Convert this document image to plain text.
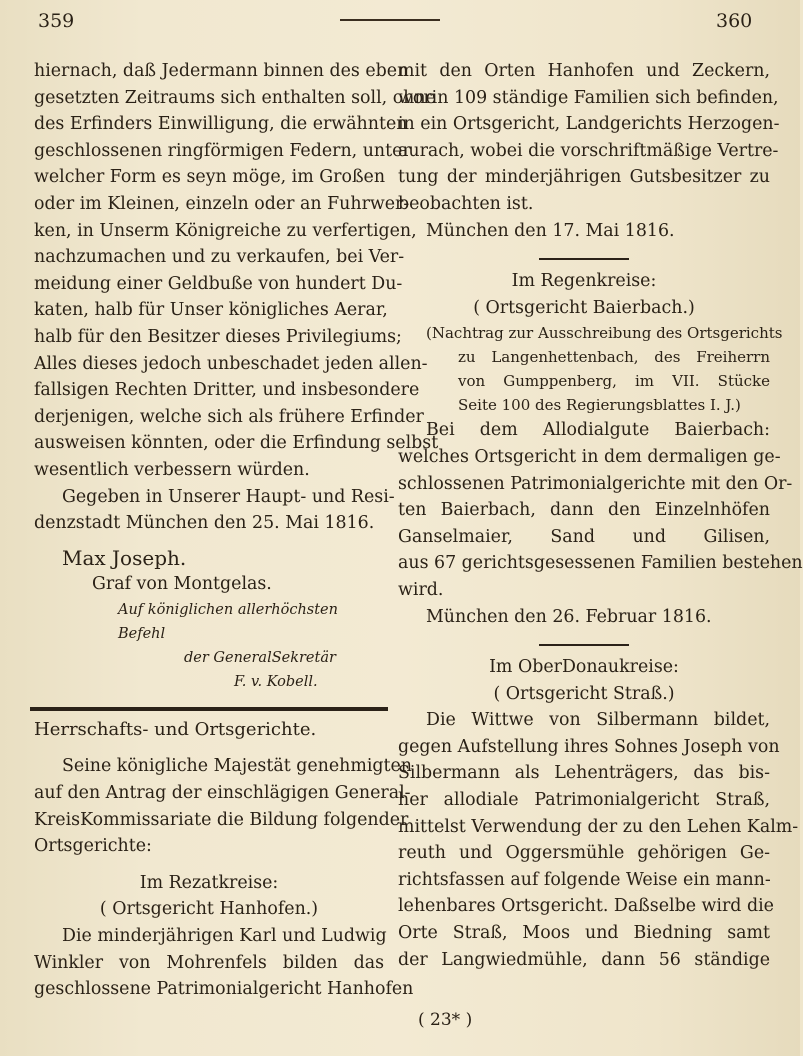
359	360
hiernach, daß Jedermann binnen des eben
gesetzten Zeitraums sich enthalten soll, ohne
des Erfinders Einwilligung, die erwähnten
geschlossenen ringförmigen Federn, unter
welcher Form es seyn möge, im Großen
oder im Kleinen, einzeln oder an Fuhrwer-
ken, in Unserm Königreiche zu verfertigen,
nachzumachen und zu verkaufen, bei Ver-
meidung einer Geldbuße von hundert Du-
katen, halb für Unser königliches Aerar,
halb für den Besitzer dieses Privilegiums;
Alles dieses jedoch unbeschadet jeden allen-
fallsigen Rechten Dritter, und insbesondere
derjenigen, welche sich als frühere Erfinder
ausweisen könnten, oder die Erfindung selbst
wesentlich verbessern würden.
Gegeben in Unserer Haupt- und Resi-
denzstadt München den 25. Mai 1816.
Max Joseph.
Graf von Montgelas.
Auf königlichen allerhöchsten Befehl
der GeneralSekretär
F. v. Kobell.
Herrschafts- und Ortsgerichte.
Seine königliche Majestät genehmigten
auf den Antrag der einschlägigen General-
KreisKommissariate die Bildung folgender
Ortsgerichte:
Im Rezatkreise:
( Ortsgericht Hanhofen.)
Die minderjährigen Karl und Ludwig
Winkler von Mohrenfels bilden das
geschlossene Patrimonialgericht Hanhofen
mit den Orten Hanhofen und Zeckern,
worin 109 ständige Familien sich befinden,
in ein Ortsgericht, Landgerichts Herzogen-
aurach, wobei die vorschriftmäßige Vertre-
tung der minderjährigen Gutsbesitzer zu
beobachten ist.
München den 17. Mai 1816.
Im Regenkreise:
( Ortsgericht Baierbach.)
(Nachtrag zur Ausschreibung des Ortsgerichts
zu Langenhettenbach, des Freiherrn
von Gumppenberg, im VII. Stücke
Seite 100 des Regierungsblattes I. J.)
Bei dem Allodialgute Baierbach:
welches Ortsgericht in dem dermaligen ge-
schlossenen Patrimonialgerichte mit den Or-
ten Baierbach, dann den Einzelnhöfen
Ganselmaier, Sand und Gilisen,
aus 67 gerichtsgesessenen Familien bestehen
wird.
München den 26. Februar 1816.
Im OberDonaukreise:
( Ortsgericht Straß.)
Die Wittwe von Silbermann bildet,
gegen Aufstellung ihres Sohnes Joseph von
Silbermann als Lehenträgers, das bis-
her allodiale Patrimonialgericht Straß,
mittelst Verwendung der zu den Lehen Kalm-
reuth und Oggersmühle gehörigen Ge-
richtsfassen auf folgende Weise ein mann-
lehenbares Ortsgericht. Daßselbe wird die
Orte Straß, Moos und Biedning samt
der Langwiedmühle, dann 56 ständige
( 23* )
